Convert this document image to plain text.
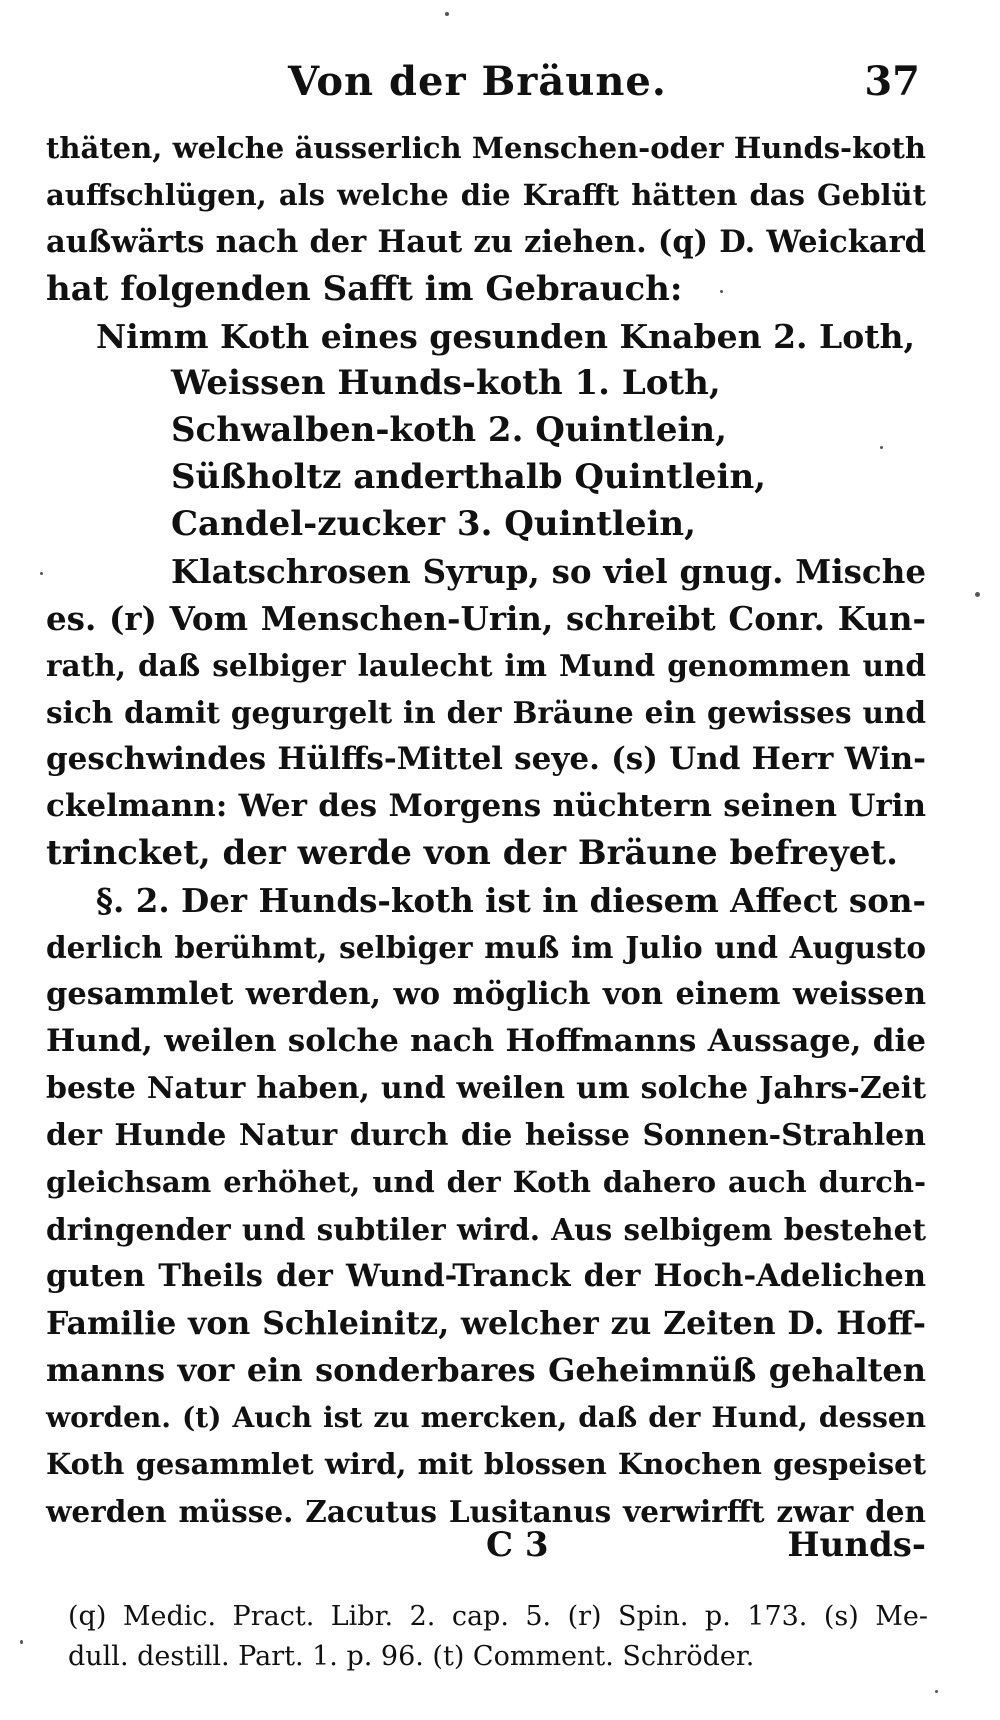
Von der Bräune.	37
thäten, welche äusserlich Menschen-oder Hunds-koth
auffschlügen, als welche die Krafft hätten das Geblüt
außwärts nach der Haut zu ziehen. (q) D. Weickard
hat folgenden Safft im Gebrauch:
Nimm Koth eines gesunden Knaben 2. Loth,
Weissen Hunds-koth 1. Loth,
Schwalben-koth 2. Quintlein,
Süßholtz anderthalb Quintlein,
Candel-zucker 3. Quintlein,
Klatschrosen Syrup, so viel gnug. Mische
es. (r) Vom Menschen-Urin, schreibt Conr. Kun-
rath, daß selbiger laulecht im Mund genommen und
sich damit gegurgelt in der Bräune ein gewisses und
geschwindes Hülffs-Mittel seye. (s) Und Herr Win-
ckelmann: Wer des Morgens nüchtern seinen Urin
trincket, der werde von der Bräune befreyet.
§. 2. Der Hunds-koth ist in diesem Affect son-
derlich berühmt, selbiger muß im Julio und Augusto
gesammlet werden, wo möglich von einem weissen
Hund, weilen solche nach Hoffmanns Aussage, die
beste Natur haben, und weilen um solche Jahrs-Zeit
der Hunde Natur durch die heisse Sonnen-Strahlen
gleichsam erhöhet, und der Koth dahero auch durch-
dringender und subtiler wird. Aus selbigem bestehet
guten Theils der Wund-Tranck der Hoch-Adelichen
Familie von Schleinitz, welcher zu Zeiten D. Hoff-
manns vor ein sonderbares Geheimnüß gehalten
worden. (t) Auch ist zu mercken, daß der Hund, dessen
Koth gesammlet wird, mit blossen Knochen gespeiset
werden müsse. Zacutus Lusitanus verwirfft zwar den
C 3	Hunds-
(q) Medic. Pract. Libr. 2. cap. 5. (r) Spin. p. 173. (s) Me-
dull. destill. Part. 1. p. 96. (t) Comment. Schröder.
